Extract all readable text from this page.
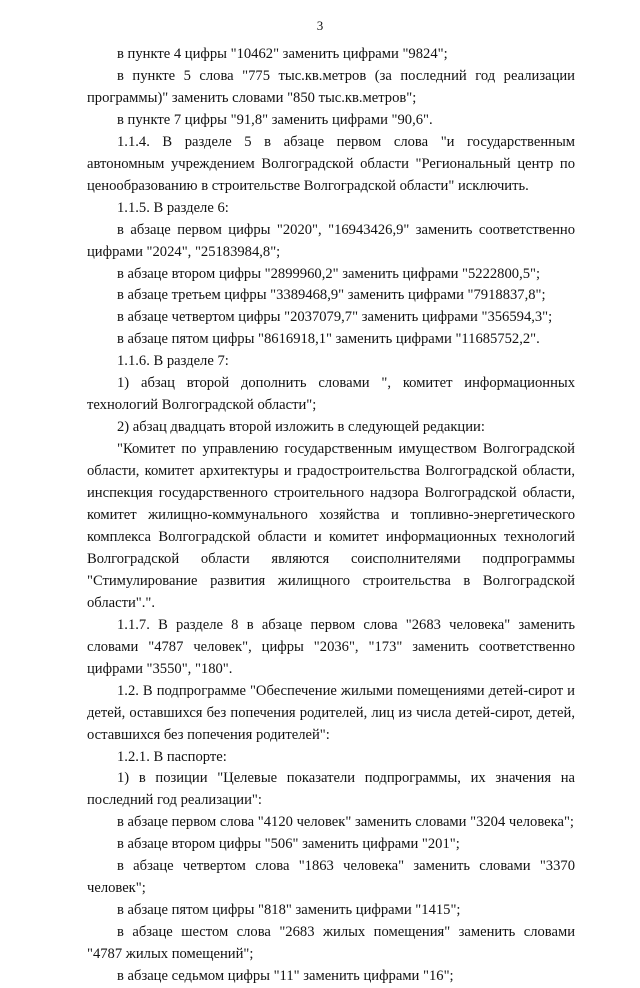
3

в пункте 4 цифры "10462" заменить цифрами "9824";

в пункте 5 слова "775 тыс.кв.метров (за последний год реализации программы)" заменить словами "850 тыс.кв.метров";

в пункте 7 цифры "91,8" заменить цифрами "90,6".

1.1.4. В разделе 5 в абзаце первом слова "и государственным автономным учреждением Волгоградской области "Региональный центр по ценообразованию в строительстве Волгоградской области" исключить.

1.1.5. В разделе 6:

в абзаце первом цифры "2020", "16943426,9" заменить соответственно цифрами "2024", "25183984,8";

в абзаце втором цифры "2899960,2" заменить цифрами "5222800,5";

в абзаце третьем цифры "3389468,9" заменить цифрами "7918837,8";

в абзаце четвертом цифры "2037079,7" заменить цифрами "356594,3";

в абзаце пятом цифры "8616918,1" заменить цифрами "11685752,2".

1.1.6. В разделе 7:

1) абзац второй дополнить словами ", комитет информационных технологий Волгоградской области";

2) абзац двадцать второй изложить в следующей редакции:

"Комитет по управлению государственным имуществом Волгоградской области, комитет архитектуры и градостроительства Волгоградской области, инспекция государственного строительного надзора Волгоградской области, комитет жилищно-коммунального хозяйства и топливно-энергетического комплекса Волгоградской области и комитет информационных технологий Волгоградской области являются соисполнителями подпрограммы "Стимулирование развития жилищного строительства в Волгоградской области".".

1.1.7. В разделе 8 в абзаце первом слова "2683 человека" заменить словами "4787 человек", цифры "2036", "173" заменить соответственно цифрами "3550", "180".

1.2. В подпрограмме "Обеспечение жилыми помещениями детей-сирот и детей, оставшихся без попечения родителей, лиц из числа детей-сирот, детей, оставшихся без попечения родителей":

1.2.1. В паспорте:

1) в позиции "Целевые показатели подпрограммы, их значения на последний год реализации":

в абзаце первом слова "4120 человек" заменить словами "3204 человека";

в абзаце втором цифры "506" заменить цифрами "201";

в абзаце четвертом слова "1863 человека" заменить словами "3370 человек";

в абзаце пятом цифры "818" заменить цифрами "1415";

в абзаце шестом слова "2683 жилых помещения" заменить словами "4787 жилых помещений";

в абзаце седьмом цифры "11" заменить цифрами "16";
